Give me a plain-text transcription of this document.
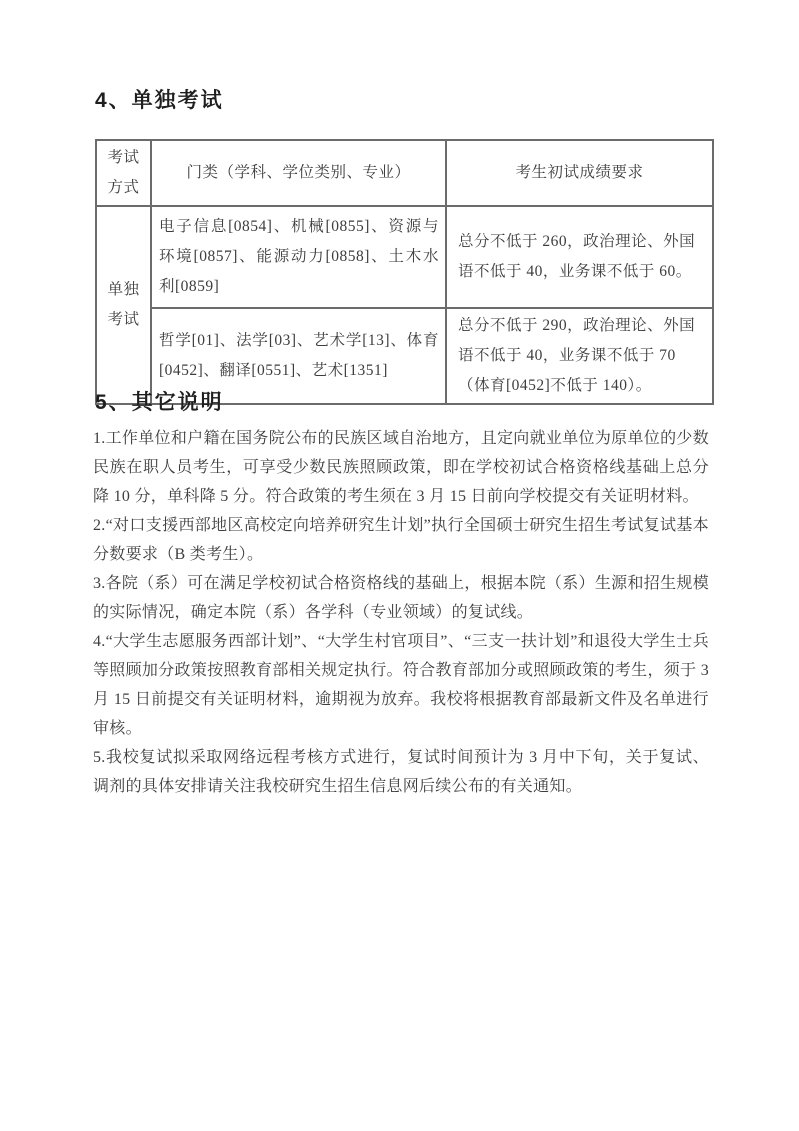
4、单独考试
考试方式	门类（学科、学位类别、专业）	考生初试成绩要求
单独考试	电子信息[0854]、机械[0855]、资源与环境[0857]、能源动力[0858]、土木水利[0859]	总分不低于 260，政治理论、外国语不低于 40，业务课不低于 60。
	哲学[01]、法学[03]、艺术学[13]、体育[0452]、翻译[0551]、艺术[1351]	总分不低于 290，政治理论、外国语不低于 40，业务课不低于 70（体育[0452]不低于 140）。
5、其它说明

1.工作单位和户籍在国务院公布的民族区域自治地方，且定向就业单位为原单位的少数民族在职人员考生，可享受少数民族照顾政策，即在学校初试合格资格线基础上总分降 10 分，单科降 5 分。符合政策的考生须在 3 月 15 日前向学校提交有关证明材料。

2.“对口支援西部地区高校定向培养研究生计划”执行全国硕士研究生招生考试复试基本分数要求（B 类考生）。

3.各院（系）可在满足学校初试合格资格线的基础上，根据本院（系）生源和招生规模的实际情况，确定本院（系）各学科（专业领域）的复试线。

4.“大学生志愿服务西部计划”、“大学生村官项目”、“三支一扶计划”和退役大学生士兵等照顾加分政策按照教育部相关规定执行。符合教育部加分或照顾政策的考生，须于 3 月 15 日前提交有关证明材料，逾期视为放弃。我校将根据教育部最新文件及名单进行审核。

5.我校复试拟采取网络远程考核方式进行，复试时间预计为 3 月中下旬，关于复试、调剂的具体安排请关注我校研究生招生信息网后续公布的有关通知。
